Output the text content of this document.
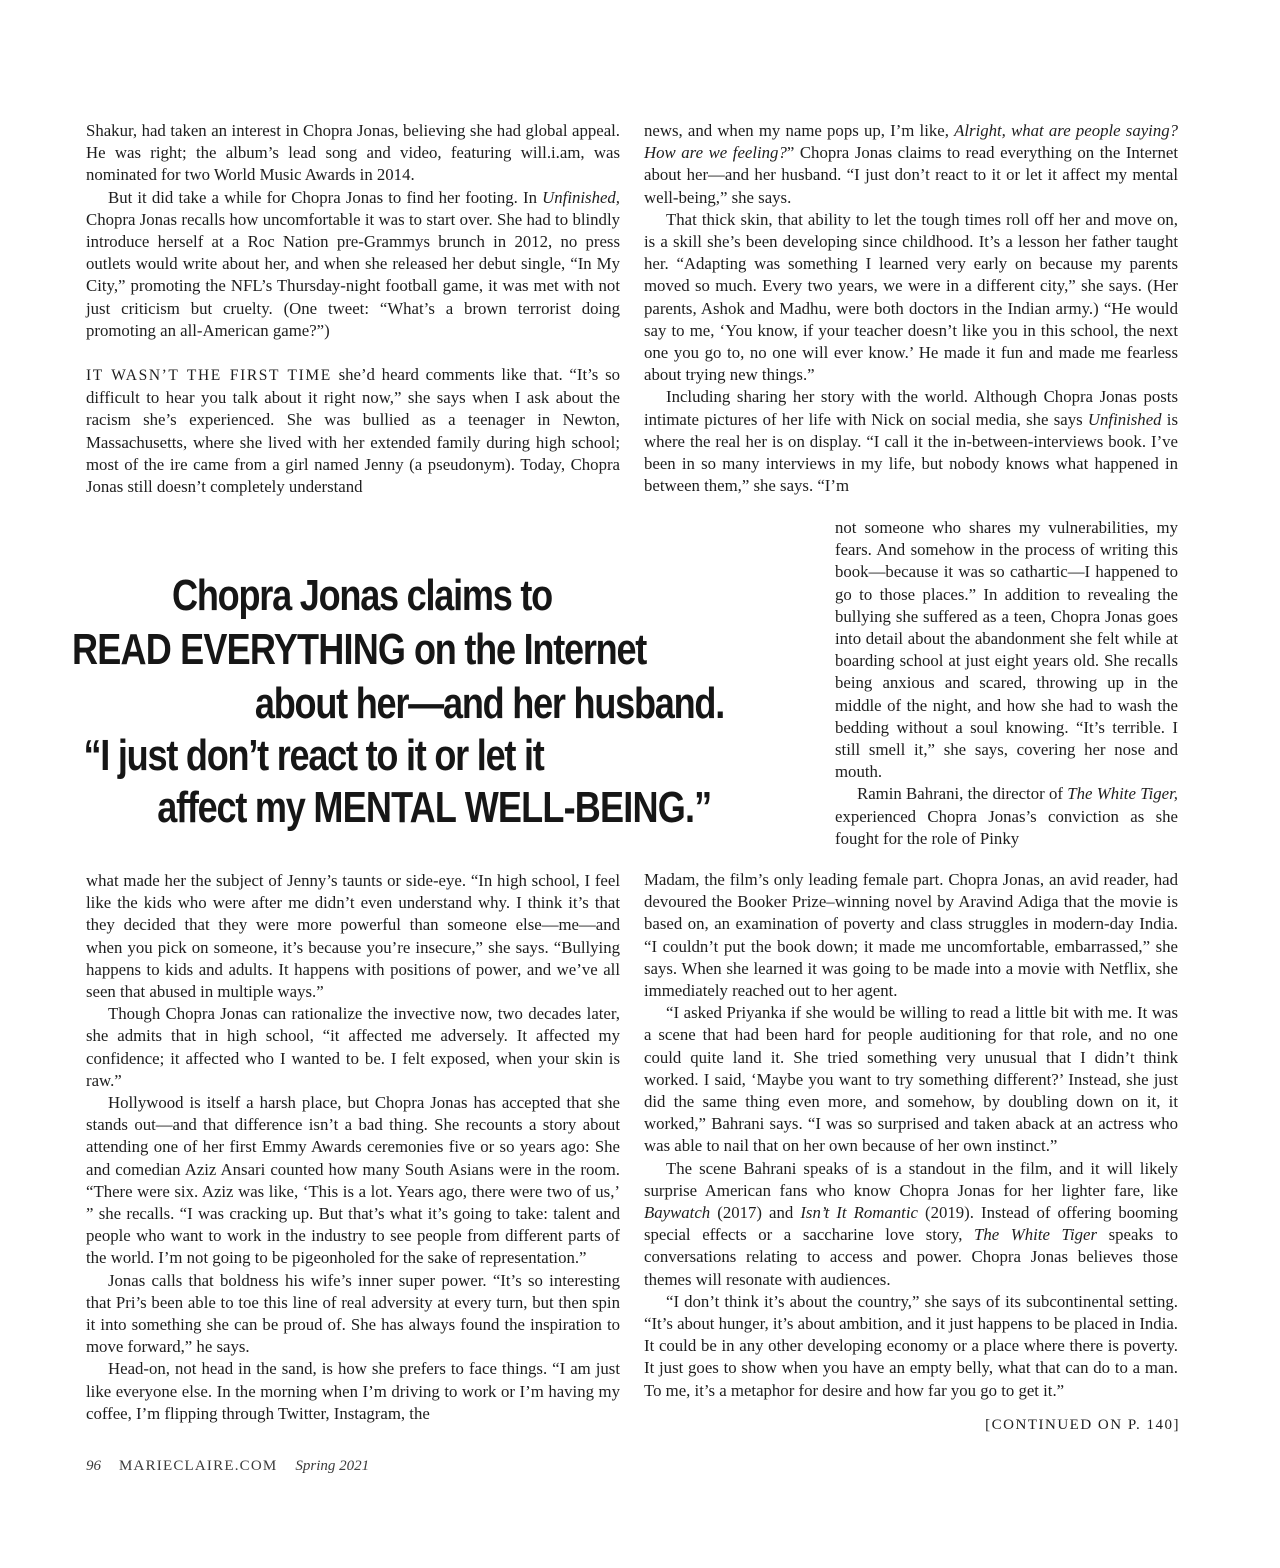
Shakur, had taken an interest in Chopra Jonas, believing she had global appeal. He was right; the album’s lead song and video, featuring will.i.am, was nominated for two World Music Awards in 2014.

But it did take a while for Chopra Jonas to find her footing. In Unfinished, Chopra Jonas recalls how uncomfortable it was to start over. She had to blindly introduce herself at a Roc Nation pre-Grammys brunch in 2012, no press outlets would write about her, and when she released her debut single, “In My City,” promoting the NFL’s Thursday-night football game, it was met with not just criticism but cruelty. (One tweet: “What’s a brown terrorist doing promoting an all-American game?”)

IT WASN’T THE FIRST TIME she’d heard comments like that. “It’s so difficult to hear you talk about it right now,” she says when I ask about the racism she’s experienced. She was bullied as a teenager in Newton, Massachusetts, where she lived with her extended family during high school; most of the ire came from a girl named Jenny (a pseudonym). Today, Chopra Jonas still doesn’t completely understand

Chopra Jonas claims to
READ EVERYTHING on the Internet
about her—and her husband.
“I just don’t react to it or let it
affect my MENTAL WELL-BEING.”

what made her the subject of Jenny’s taunts or side-eye. “In high school, I feel like the kids who were after me didn’t even understand why. I think it’s that they decided that they were more powerful than someone else—me—and when you pick on someone, it’s because you’re insecure,” she says. “Bullying happens to kids and adults. It happens with positions of power, and we’ve all seen that abused in multiple ways.”

Though Chopra Jonas can rationalize the invective now, two decades later, she admits that in high school, “it affected me adversely. It affected my confidence; it affected who I wanted to be. I felt exposed, when your skin is raw.”

Hollywood is itself a harsh place, but Chopra Jonas has accepted that she stands out—and that difference isn’t a bad thing. She recounts a story about attending one of her first Emmy Awards ceremonies five or so years ago: She and comedian Aziz Ansari counted how many South Asians were in the room. “There were six. Aziz was like, ‘This is a lot. Years ago, there were two of us,’ ” she recalls. “I was cracking up. But that’s what it’s going to take: talent and people who want to work in the industry to see people from different parts of the world. I’m not going to be pigeonholed for the sake of representation.”

Jonas calls that boldness his wife’s inner super power. “It’s so interesting that Pri’s been able to toe this line of real adversity at every turn, but then spin it into something she can be proud of. She has always found the inspiration to move forward,” he says.

Head-on, not head in the sand, is how she prefers to face things. “I am just like everyone else. In the morning when I’m driving to work or I’m having my coffee, I’m flipping through Twitter, Instagram, the

news, and when my name pops up, I’m like, Alright, what are people saying? How are we feeling?” Chopra Jonas claims to read everything on the Internet about her—and her husband. “I just don’t react to it or let it affect my mental well-being,” she says.

That thick skin, that ability to let the tough times roll off her and move on, is a skill she’s been developing since childhood. It’s a lesson her father taught her. “Adapting was something I learned very early on because my parents moved so much. Every two years, we were in a different city,” she says. (Her parents, Ashok and Madhu, were both doctors in the Indian army.) “He would say to me, ‘You know, if your teacher doesn’t like you in this school, the next one you go to, no one will ever know.’ He made it fun and made me fearless about trying new things.”

Including sharing her story with the world. Although Chopra Jonas posts intimate pictures of her life with Nick on social media, she says Unfinished is where the real her is on display. “I call it the in-between-interviews book. I’ve been in so many interviews in my life, but nobody knows what happened in between them,” she says. “I’m

not someone who shares my vulnerabilities, my fears. And somehow in the process of writing this book—because it was so cathartic—I happened to go to those places.” In addition to revealing the bullying she suffered as a teen, Chopra Jonas goes into detail about the abandonment she felt while at boarding school at just eight years old. She recalls being anxious and scared, throwing up in the middle of the night, and how she had to wash the bedding without a soul knowing. “It’s terrible. I still smell it,” she says, covering her nose and mouth.

Ramin Bahrani, the director of The White Tiger, experienced Chopra Jonas’s conviction as she fought for the role of Pinky

Madam, the film’s only leading female part. Chopra Jonas, an avid reader, had devoured the Booker Prize–winning novel by Aravind Adiga that the movie is based on, an examination of poverty and class struggles in modern-day India. “I couldn’t put the book down; it made me uncomfortable, embarrassed,” she says. When she learned it was going to be made into a movie with Netflix, she immediately reached out to her agent.

“I asked Priyanka if she would be willing to read a little bit with me. It was a scene that had been hard for people auditioning for that role, and no one could quite land it. She tried something very unusual that I didn’t think worked. I said, ‘Maybe you want to try something different?’ Instead, she just did the same thing even more, and somehow, by doubling down on it, it worked,” Bahrani says. “I was so surprised and taken aback at an actress who was able to nail that on her own because of her own instinct.”

The scene Bahrani speaks of is a standout in the film, and it will likely surprise American fans who know Chopra Jonas for her lighter fare, like Baywatch (2017) and Isn’t It Romantic (2019). Instead of offering booming special effects or a saccharine love story, The White Tiger speaks to conversations relating to access and power. Chopra Jonas believes those themes will resonate with audiences.

“I don’t think it’s about the country,” she says of its subcontinental setting. “It’s about hunger, it’s about ambition, and it just happens to be placed in India. It could be in any other developing economy or a place where there is poverty. It just goes to show when you have an empty belly, what that can do to a man. To me, it’s a metaphor for desire and how far you go to get it.”

[CONTINUED ON P. 140]
96 MARIECLAIRE.COM Spring 2021
